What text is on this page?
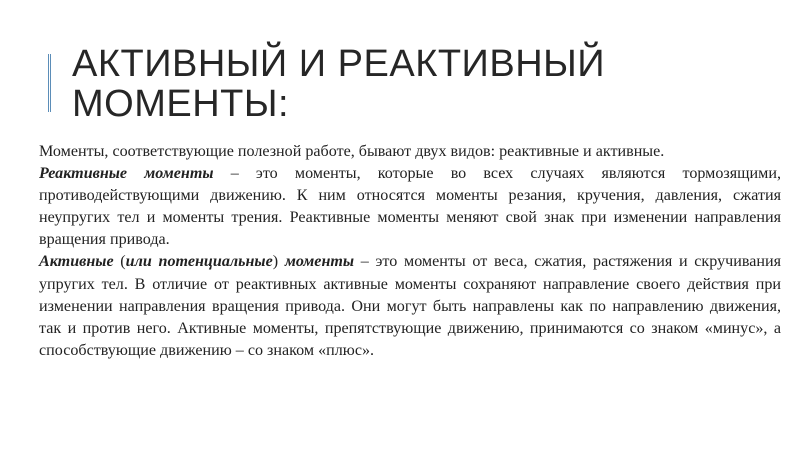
АКТИВНЫЙ И РЕАКТИВНЫЙ
МОМЕНТЫ:

Моменты, соответствующие полезной работе, бывают двух видов: реактивные и активные.

Реактивные моменты – это моменты, которые во всех случаях являются тормозящими, противодействующими движению. К ним относятся моменты резания, кручения, давления, сжатия неупругих тел и моменты трения. Реактивные моменты меняют свой знак при изменении направления вращения привода.

Активные (или потенциальные) моменты – это моменты от веса, сжатия, растяжения и скручивания упругих тел. В отличие от реактивных активные моменты сохраняют направление своего действия при изменении направления вращения привода. Они могут быть направлены как по направлению движения, так и против него. Активные моменты, препятствующие движению, принимаются со знаком «минус», а способствующие движению – со знаком «плюс».
